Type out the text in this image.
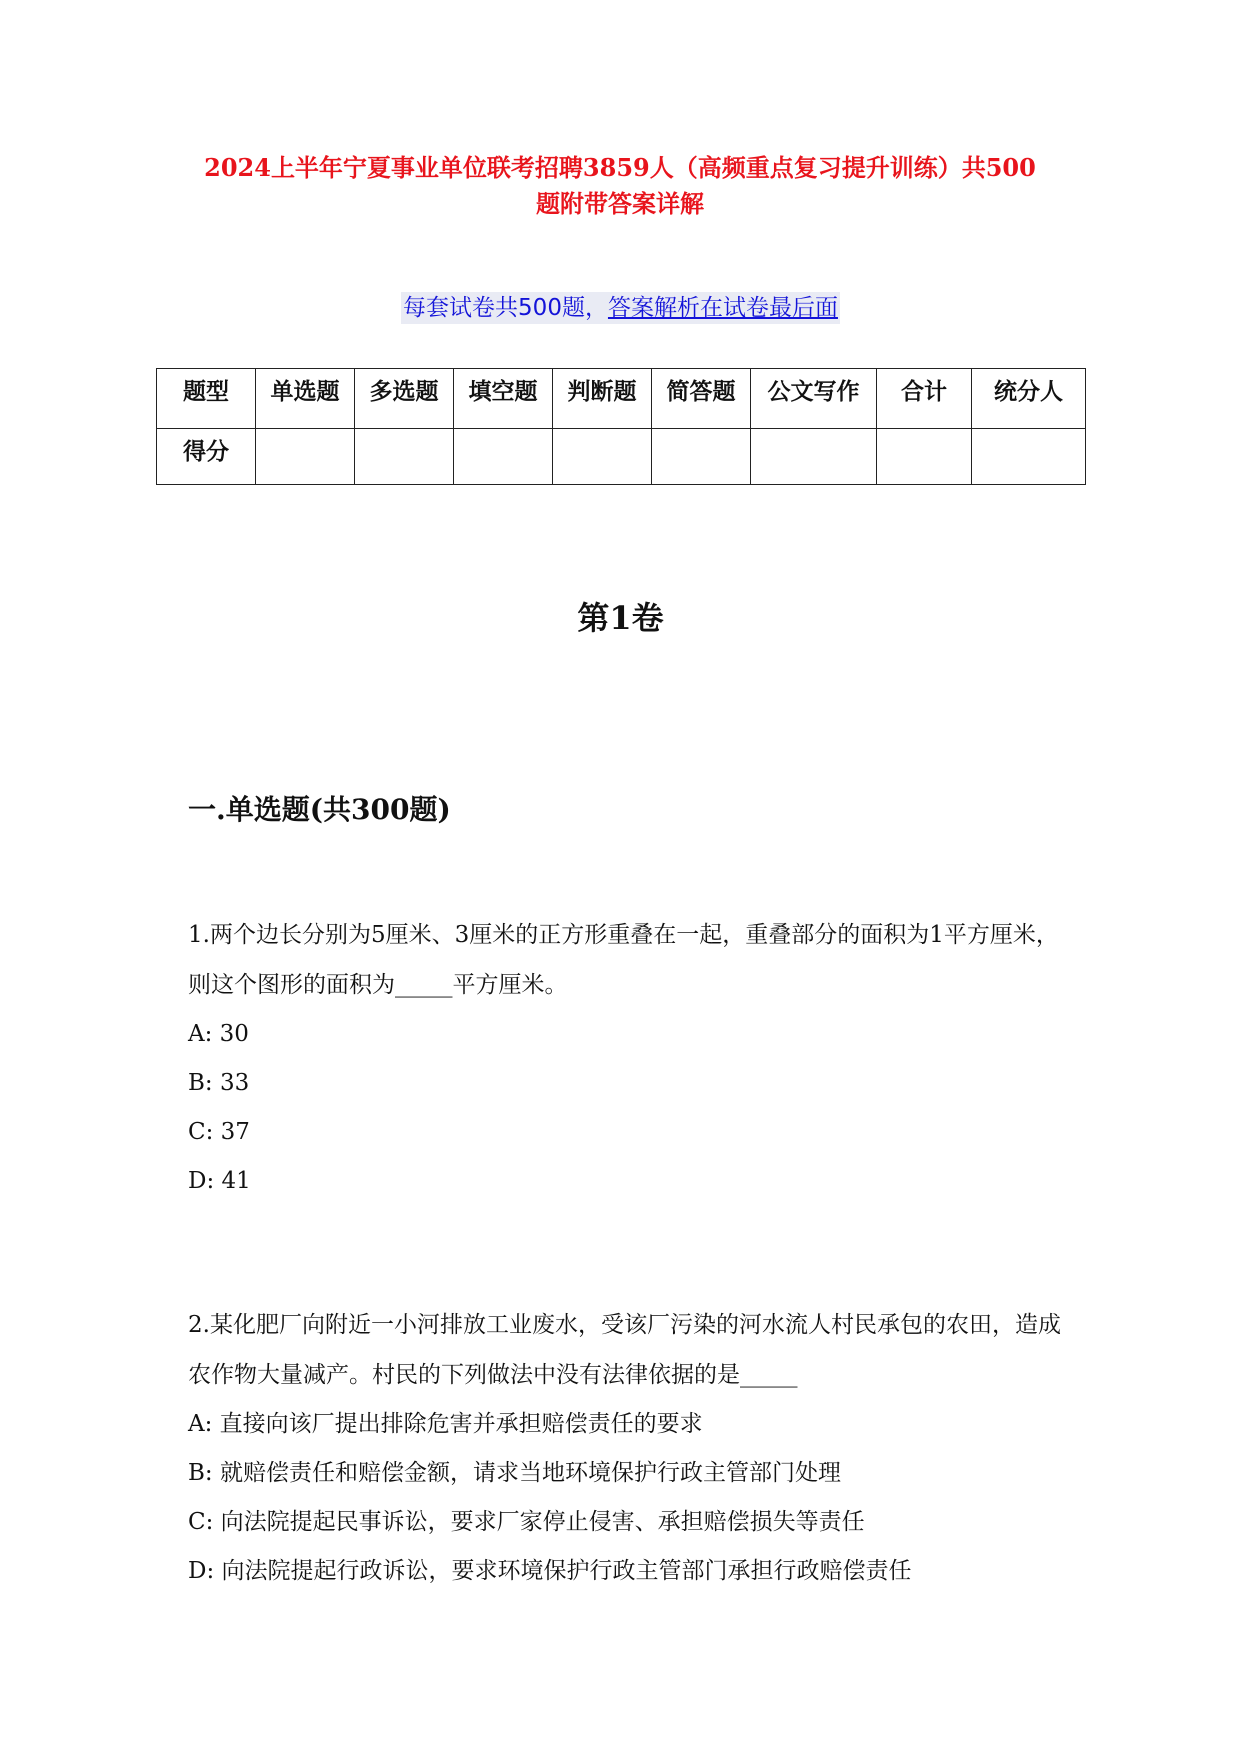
2024上半年宁夏事业单位联考招聘3859人（高频重点复习提升训练）共500
题附带答案详解
每套试卷共500题，答案解析在试卷最后面
题型	单选题	多选题	填空题	判断题	简答题	公文写作	合计	统分人
得分								
第1卷
一.单选题(共300题)

1.两个边长分别为5厘米、3厘米的正方形重叠在一起，重叠部分的面积为1平方厘米，则这个图形的面积为_____平方厘米。

A: 30

B: 33

C: 37

D: 41

2.某化肥厂向附近一小河排放工业废水，受该厂污染的河水流人村民承包的农田，造成农作物大量减产。村民的下列做法中没有法律依据的是_____

A: 直接向该厂提出排除危害并承担赔偿责任的要求

B: 就赔偿责任和赔偿金额，请求当地环境保护行政主管部门处理

C: 向法院提起民事诉讼，要求厂家停止侵害、承担赔偿损失等责任

D: 向法院提起行政诉讼，要求环境保护行政主管部门承担行政赔偿责任
